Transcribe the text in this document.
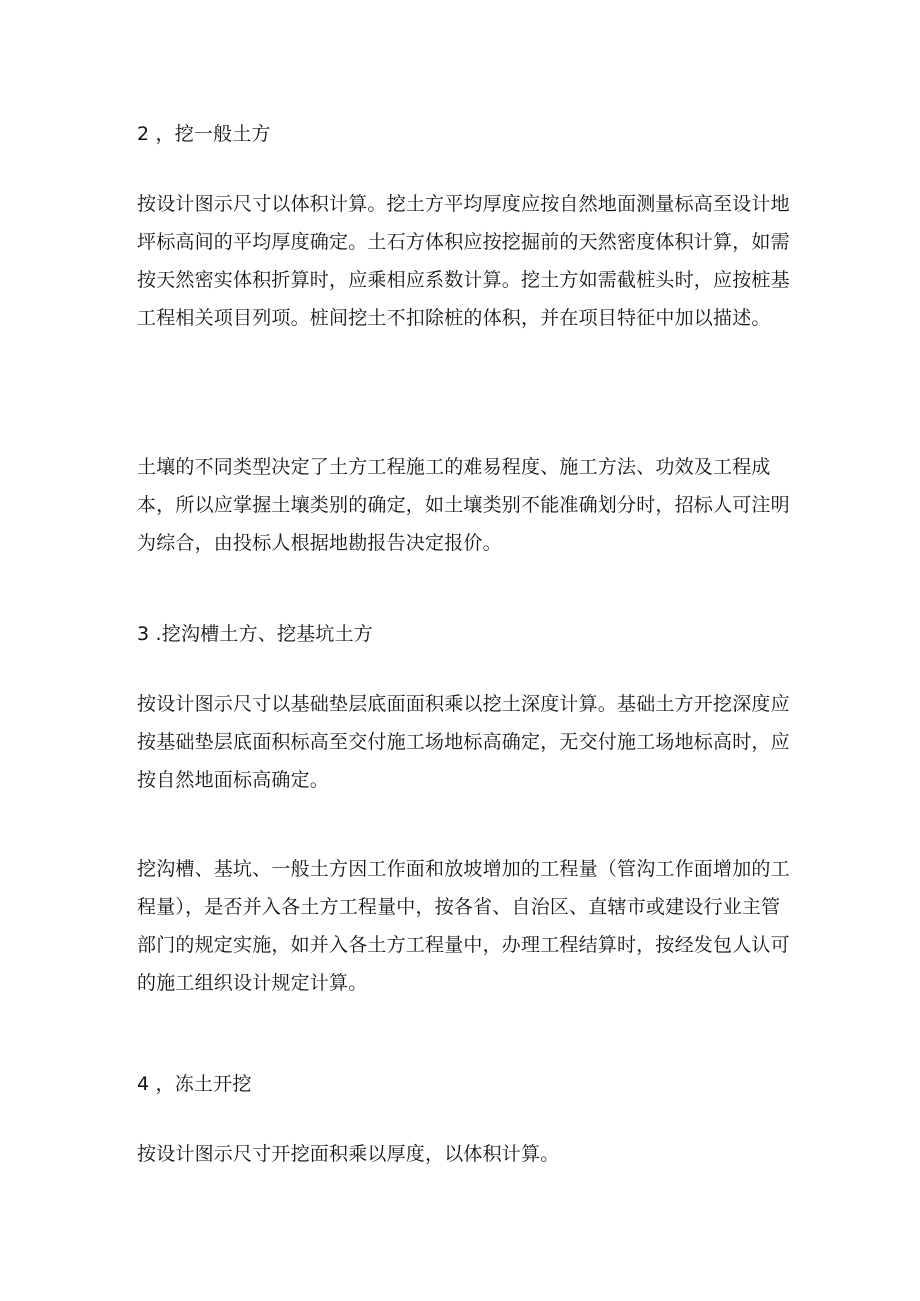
2 ，挖一般土方

按设计图示尺寸以体积计算。挖土方平均厚度应按自然地面测量标高至设计地坪标高间的平均厚度确定。土石方体积应按挖掘前的天然密度体积计算，如需按天然密实体积折算时，应乘相应系数计算。挖土方如需截桩头时，应按桩基工程相关项目列项。桩间挖土不扣除桩的体积，并在项目特征中加以描述。

土壤的不同类型决定了土方工程施工的难易程度、施工方法、功效及工程成本，所以应掌握土壤类别的确定，如土壤类别不能准确划分时，招标人可注明为综合，由投标人根据地勘报告决定报价。

3 .挖沟槽土方、挖基坑土方

按设计图示尺寸以基础垫层底面面积乘以挖土深度计算。基础土方开挖深度应按基础垫层底面积标高至交付施工场地标高确定，无交付施工场地标高时，应按自然地面标高确定。

挖沟槽、基坑、一般土方因工作面和放坡增加的工程量（管沟工作面增加的工程量），是否并入各土方工程量中，按各省、自治区、直辖市或建设行业主管部门的规定实施，如并入各土方工程量中，办理工程结算时，按经发包人认可的施工组织设计规定计算。

4 ，冻土开挖

按设计图示尺寸开挖面积乘以厚度，以体积计算。
